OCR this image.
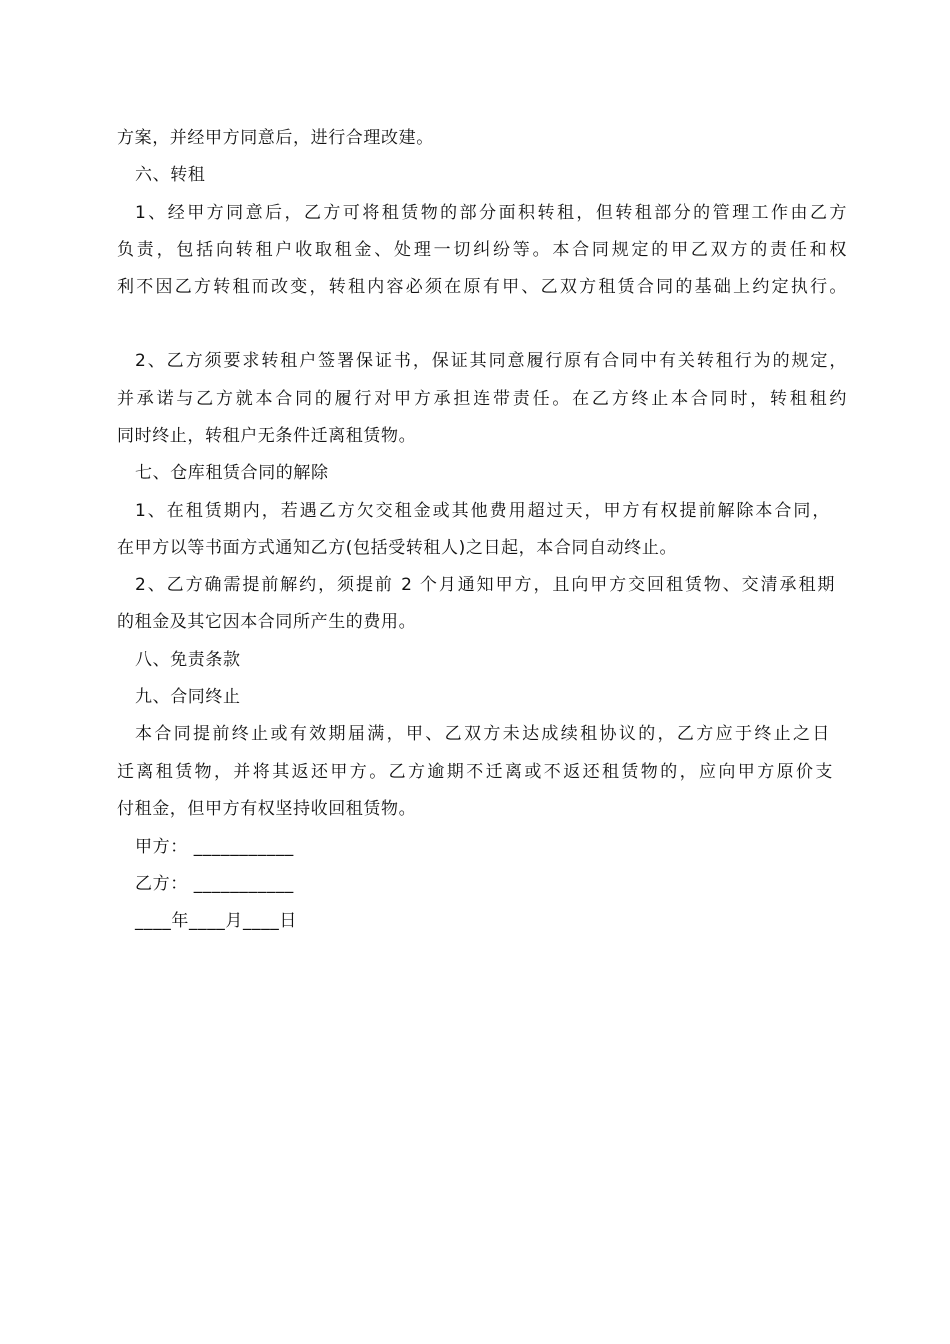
方案，并经甲方同意后，进行合理改建。
六、转租
1、经甲方同意后，乙方可将租赁物的部分面积转租，但转租部分的管理工作由乙方
负责，包括向转租户收取租金、处理一切纠纷等。本合同规定的甲乙双方的责任和权
利不因乙方转租而改变，转租内容必须在原有甲、乙双方租赁合同的基础上约定执行。
2、乙方须要求转租户签署保证书，保证其同意履行原有合同中有关转租行为的规定，
并承诺与乙方就本合同的履行对甲方承担连带责任。在乙方终止本合同时，转租租约
同时终止，转租户无条件迁离租赁物。
七、仓库租赁合同的解除
1、在租赁期内，若遇乙方欠交租金或其他费用超过天，甲方有权提前解除本合同，
在甲方以等书面方式通知乙方(包括受转租人)之日起，本合同自动终止。
2、乙方确需提前解约，须提前 2 个月通知甲方，且向甲方交回租赁物、交清承租期
的租金及其它因本合同所产生的费用。
八、免责条款
九、合同终止
本合同提前终止或有效期届满，甲、乙双方未达成续租协议的，乙方应于终止之日
迁离租赁物，并将其返还甲方。乙方逾期不迁离或不返还租赁物的，应向甲方原价支
付租金，但甲方有权坚持收回租赁物。
甲方： ___________
乙方： ___________
____年____月____日
